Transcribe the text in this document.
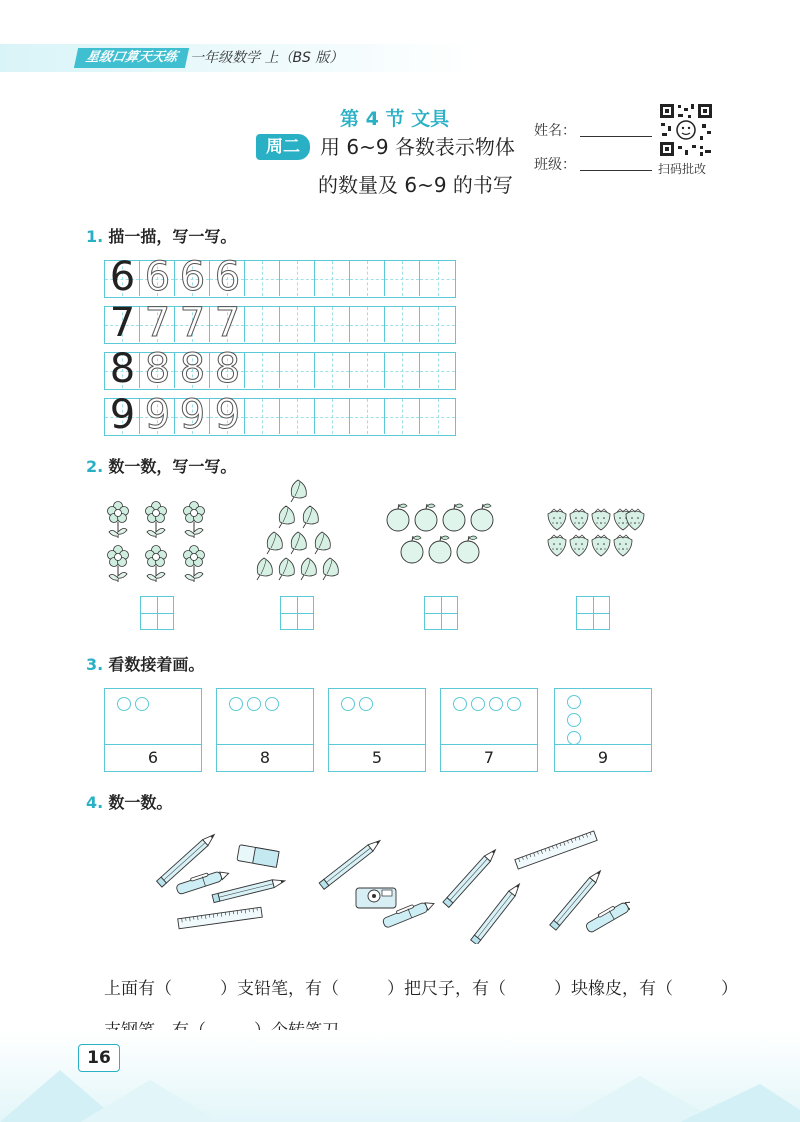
星级口算天天练 一年级数学 上（BS 版）
第 4 节 文具
周二	用 6~9 各数表示物体
的数量及 6~9 的书写
姓名：
班级：	扫码批改
1. 描一描，写一写。
6 6 6 6
7 7 7 7
8 8 8 8
9 9 9 9
2. 数一数，写一写。
3. 看数接着画。
6	8	5	7	9
4. 数一数。
上面有（	）支铅笔，有（	）把尺子，有（	）块橡皮，有（	）
16
